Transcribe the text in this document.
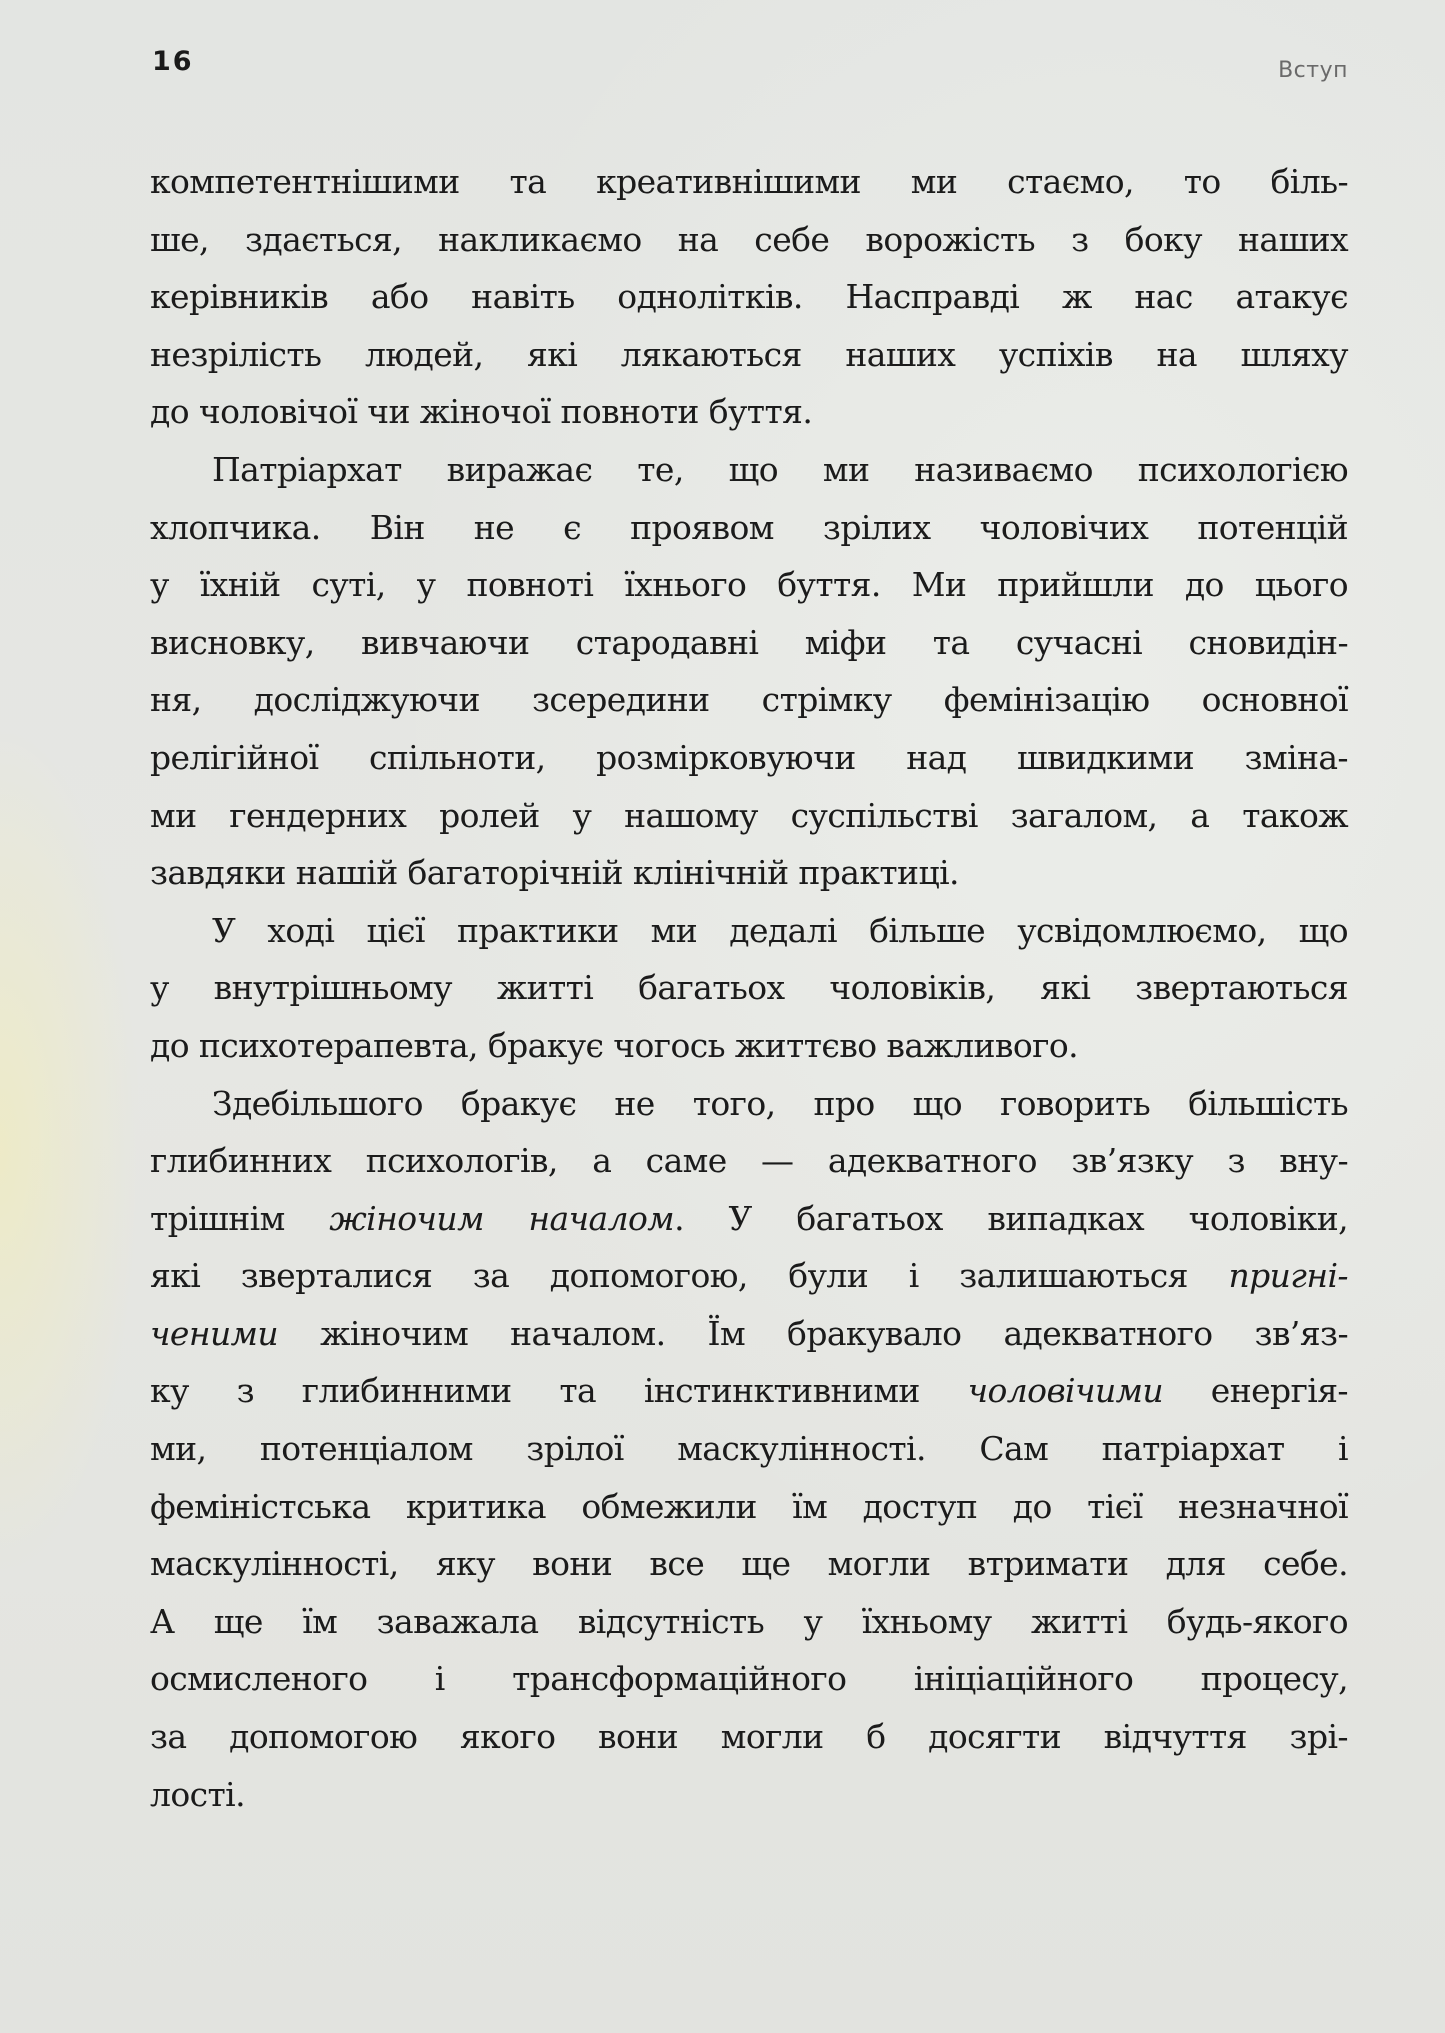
16	Вступ
компетентнішими та креативнішими ми стаємо, то біль-
ше, здається, накликаємо на себе ворожість з боку наших
керівників або навіть однолітків. Насправді ж нас атакує
незрілість людей, які лякаються наших успіхів на шляху
до чоловічої чи жіночої повноти буття.
Патріархат виражає те, що ми називаємо психологією
хлопчика. Він не є проявом зрілих чоловічих потенцій
у їхній суті, у повноті їхнього буття. Ми прийшли до цього
висновку, вивчаючи стародавні міфи та сучасні сновидін-
ня, досліджуючи зсередини стрімку фемінізацію основної
релігійної спільноти, розмірковуючи над швидкими зміна-
ми гендерних ролей у нашому суспільстві загалом, а також
завдяки нашій багаторічній клінічній практиці.
У ході цієї практики ми дедалі більше усвідомлюємо, що
у внутрішньому житті багатьох чоловіків, які звертаються
до психотерапевта, бракує чогось життєво важливого.
Здебільшого бракує не того, про що говорить більшість
глибинних психологів, а саме — адекватного зв’язку з вну-
трішнім жіночим началом. У багатьох випадках чоловіки,
які зверталися за допомогою, були і залишаються пригні-
ченими жіночим началом. Їм бракувало адекватного зв’яз-
ку з глибинними та інстинктивними чоловічими енергія-
ми, потенціалом зрілої маскулінності. Сам патріархат і
феміністська критика обмежили їм доступ до тієї незначної
маскулінності, яку вони все ще могли втримати для себе.
А ще їм заважала відсутність у їхньому житті будь-якого
осмисленого і трансформаційного ініціаційного процесу,
за допомогою якого вони могли б досягти відчуття зрі-
лості.
